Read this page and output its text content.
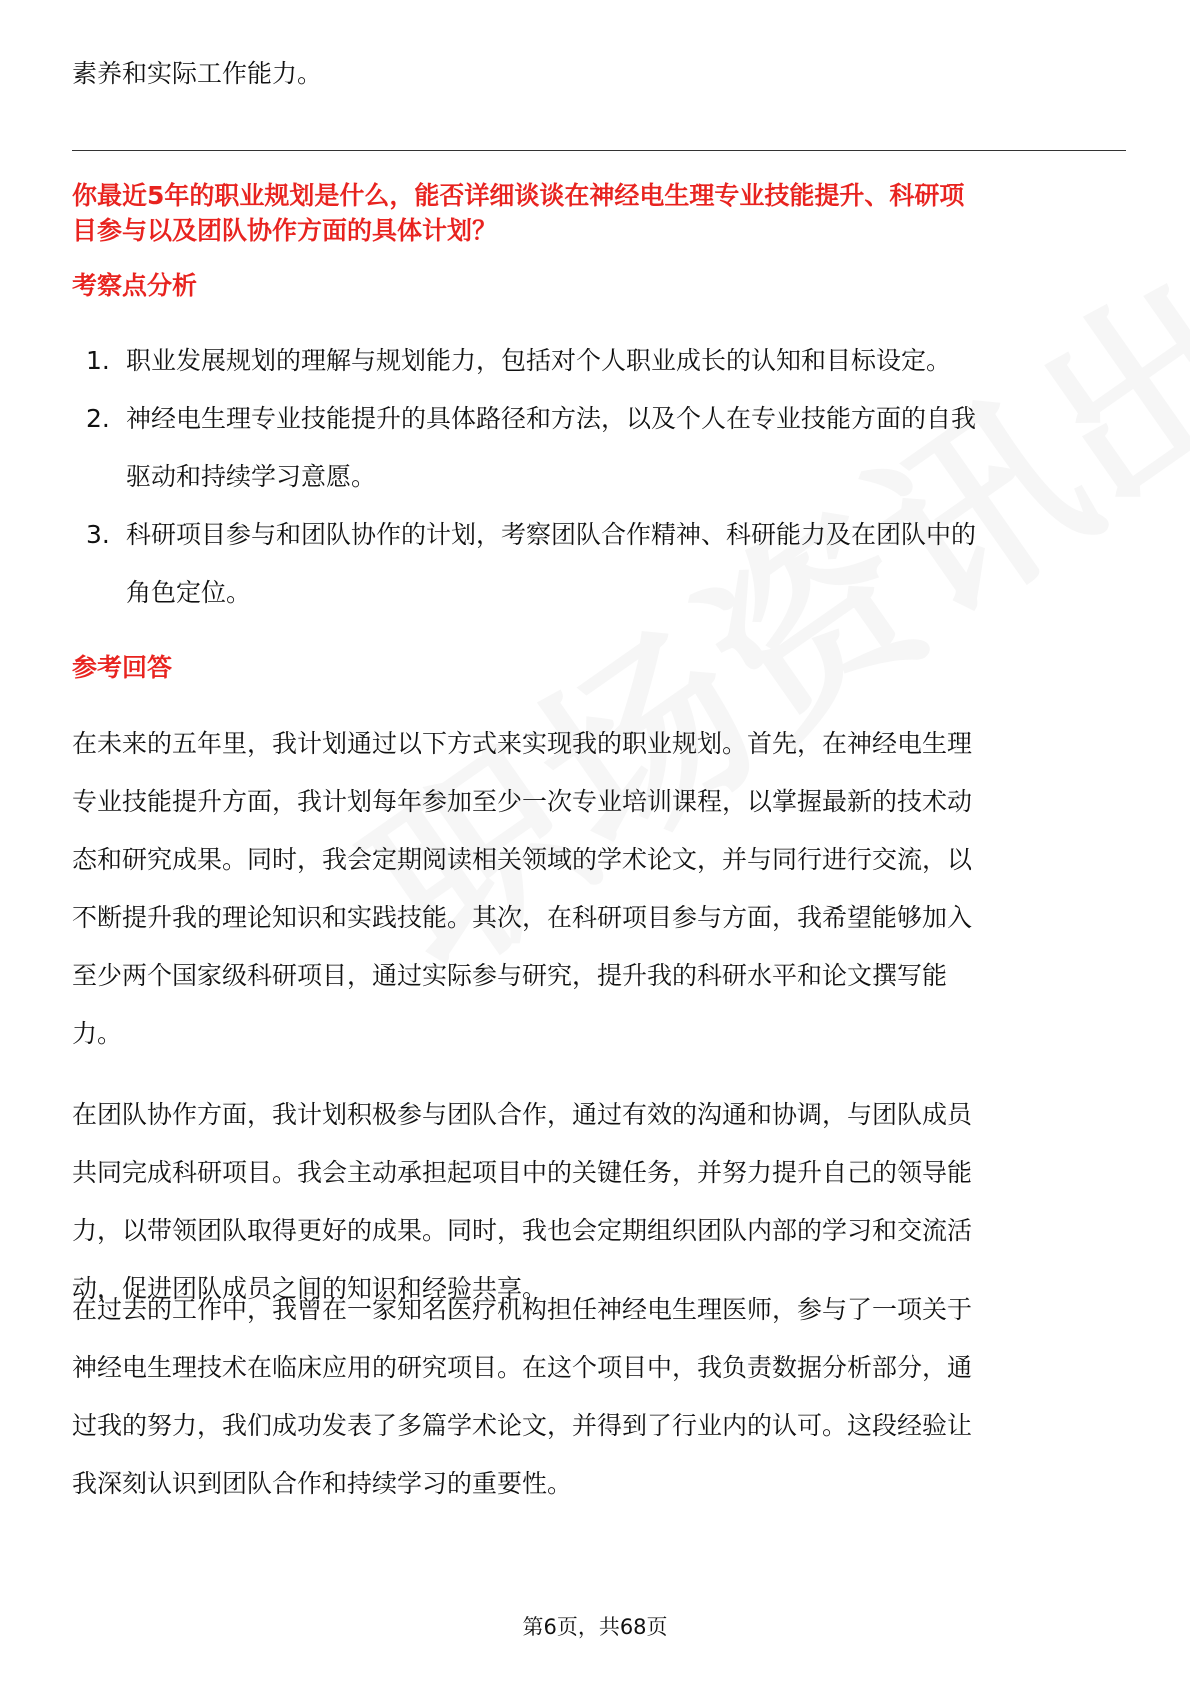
素养和实际工作能力。
你最近5年的职业规划是什么，能否详细谈谈在神经电生理专业技能提升、科研项
目参与以及团队协作方面的具体计划？
考察点分析
1. 职业发展规划的理解与规划能力，包括对个人职业成长的认知和目标设定。
2. 神经电生理专业技能提升的具体路径和方法，以及个人在专业技能方面的自我
驱动和持续学习意愿。
3. 科研项目参与和团队协作的计划，考察团队合作精神、科研能力及在团队中的
角色定位。
参考回答
在未来的五年里，我计划通过以下方式来实现我的职业规划。首先，在神经电生理
专业技能提升方面，我计划每年参加至少一次专业培训课程，以掌握最新的技术动
态和研究成果。同时，我会定期阅读相关领域的学术论文，并与同行进行交流，以
不断提升我的理论知识和实践技能。其次，在科研项目参与方面，我希望能够加入
至少两个国家级科研项目，通过实际参与研究，提升我的科研水平和论文撰写能
力。
在团队协作方面，我计划积极参与团队合作，通过有效的沟通和协调，与团队成员
共同完成科研项目。我会主动承担起项目中的关键任务，并努力提升自己的领导能
力，以带领团队取得更好的成果。同时，我也会定期组织团队内部的学习和交流活
动，促进团队成员之间的知识和经验共享。
在过去的工作中，我曾在一家知名医疗机构担任神经电生理医师，参与了一项关于
神经电生理技术在临床应用的研究项目。在这个项目中，我负责数据分析部分，通
过我的努力，我们成功发表了多篇学术论文，并得到了行业内的认可。这段经验让
我深刻认识到团队合作和持续学习的重要性。
第6页，共68页
